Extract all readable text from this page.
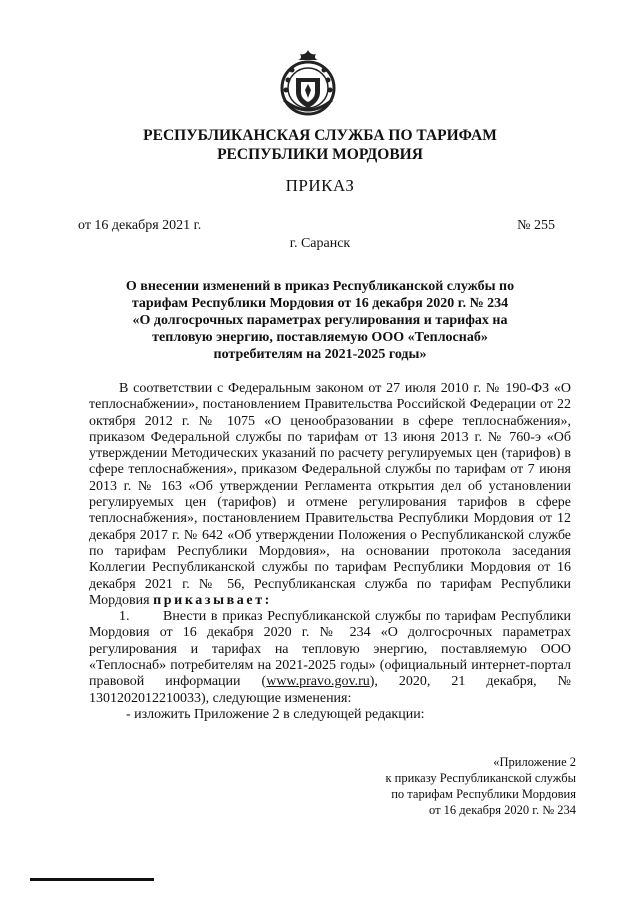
РЕСПУБЛИКАНСКАЯ СЛУЖБА ПО ТАРИФАМ
РЕСПУБЛИКИ МОРДОВИЯ
ПРИКАЗ
от 16 декабря 2021 г.	№ 255
г. Саранск
О внесении изменений в приказ Республиканской службы по
тарифам Республики Мордовия от 16 декабря 2020 г. № 234
«О долгосрочных параметрах регулирования и тарифах на
тепловую энергию, поставляемую ООО «Теплоснаб»
потребителям на 2021-2025 годы»

В соответствии с Федеральным законом от 27 июля 2010 г. № 190-ФЗ «О теплоснабжении», постановлением Правительства Российской Федерации от 22 октября 2012 г. № 1075 «О ценообразовании в сфере теплоснабжения», приказом Федеральной службы по тарифам от 13 июня 2013 г. № 760-э «Об утверждении Методических указаний по расчету регулируемых цен (тарифов) в сфере теплоснабжения», приказом Федеральной службы по тарифам от 7 июня 2013 г. № 163 «Об утверждении Регламента открытия дел об установлении регулируемых цен (тарифов) и отмене регулирования тарифов в сфере теплоснабжения», постановлением Правительства Республики Мордовия от 12 декабря 2017 г. № 642 «Об утверждении Положения о Республиканской службе по тарифам Республики Мордовия», на основании протокола заседания Коллегии Республиканской службы по тарифам Республики Мордовия от 16 декабря 2021 г. № 56, Республиканская служба по тарифам Республики Мордовия приказывает:

1. Внести в приказ Республиканской службы по тарифам Республики Мордовия от 16 декабря 2020 г. № 234 «О долгосрочных параметрах регулирования и тарифах на тепловую энергию, поставляемую ООО «Теплоснаб» потребителям на 2021-2025 годы» (официальный интернет-портал правовой информации (www.pravo.gov.ru), 2020, 21 декабря, № 1301202012210033), следующие изменения:

- изложить Приложение 2 в следующей редакции:

«Приложение 2
к приказу Республиканской службы
по тарифам Республики Мордовия
от 16 декабря 2020 г. № 234
